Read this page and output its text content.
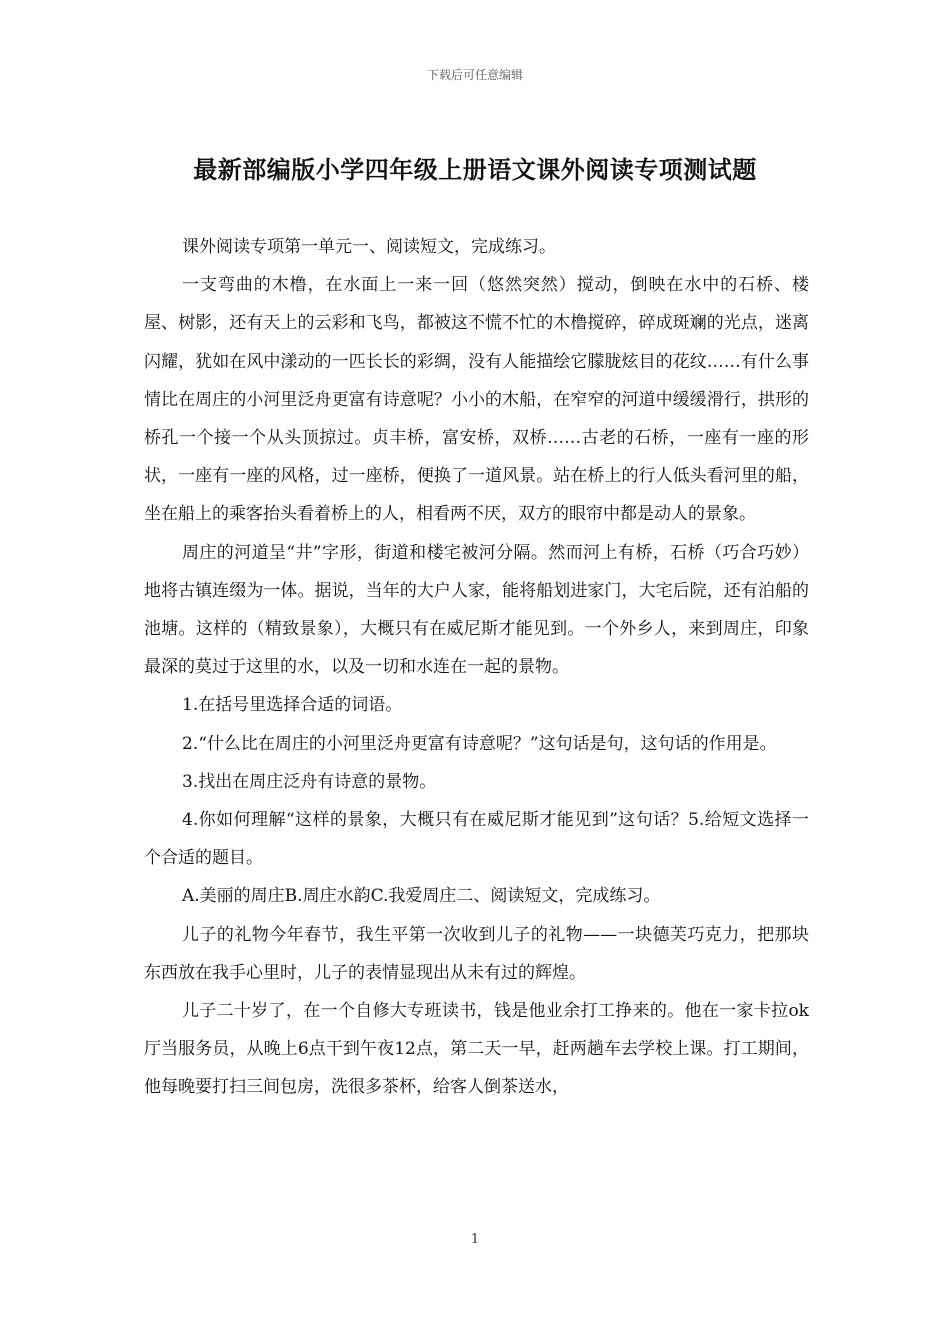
下载后可任意编辑
最新部编版小学四年级上册语文课外阅读专项测试题

课外阅读专项第一单元一、阅读短文，完成练习。

一支弯曲的木橹，在水面上一来一回（悠然突然）搅动，倒映在水中的石桥、楼屋、树影，还有天上的云彩和飞鸟，都被这不慌不忙的木橹搅碎，碎成斑斓的光点，迷离闪耀，犹如在风中漾动的一匹长长的彩绸，没有人能描绘它朦胧炫目的花纹……有什么事情比在周庄的小河里泛舟更富有诗意呢？小小的木船，在窄窄的河道中缓缓滑行，拱形的桥孔一个接一个从头顶掠过。贞丰桥，富安桥，双桥……古老的石桥，一座有一座的形状，一座有一座的风格，过一座桥，便换了一道风景。站在桥上的行人低头看河里的船，坐在船上的乘客抬头看着桥上的人，相看两不厌，双方的眼帘中都是动人的景象。

周庄的河道呈“井”字形，街道和楼宅被河分隔。然而河上有桥，石桥（巧合巧妙）地将古镇连缀为一体。据说，当年的大户人家，能将船划进家门，大宅后院，还有泊船的池塘。这样的（精致景象），大概只有在威尼斯才能见到。一个外乡人，来到周庄，印象最深的莫过于这里的水，以及一切和水连在一起的景物。

1.在括号里选择合适的词语。

2.“什么比在周庄的小河里泛舟更富有诗意呢？”这句话是句，这句话的作用是。

3.找出在周庄泛舟有诗意的景物。

4.你如何理解“这样的景象，大概只有在威尼斯才能见到”这句话？5.给短文选择一个合适的题目。

A.美丽的周庄B.周庄水韵C.我爱周庄二、阅读短文，完成练习。

儿子的礼物今年春节，我生平第一次收到儿子的礼物——一块德芙巧克力，把那块东西放在我手心里时，儿子的表情显现出从未有过的辉煌。

儿子二十岁了，在一个自修大专班读书，钱是他业余打工挣来的。他在一家卡拉ok厅当服务员，从晚上6点干到午夜12点，第二天一早，赶两趟车去学校上课。打工期间，他每晚要打扫三间包房，洗很多茶杯，给客人倒茶送水，

1
